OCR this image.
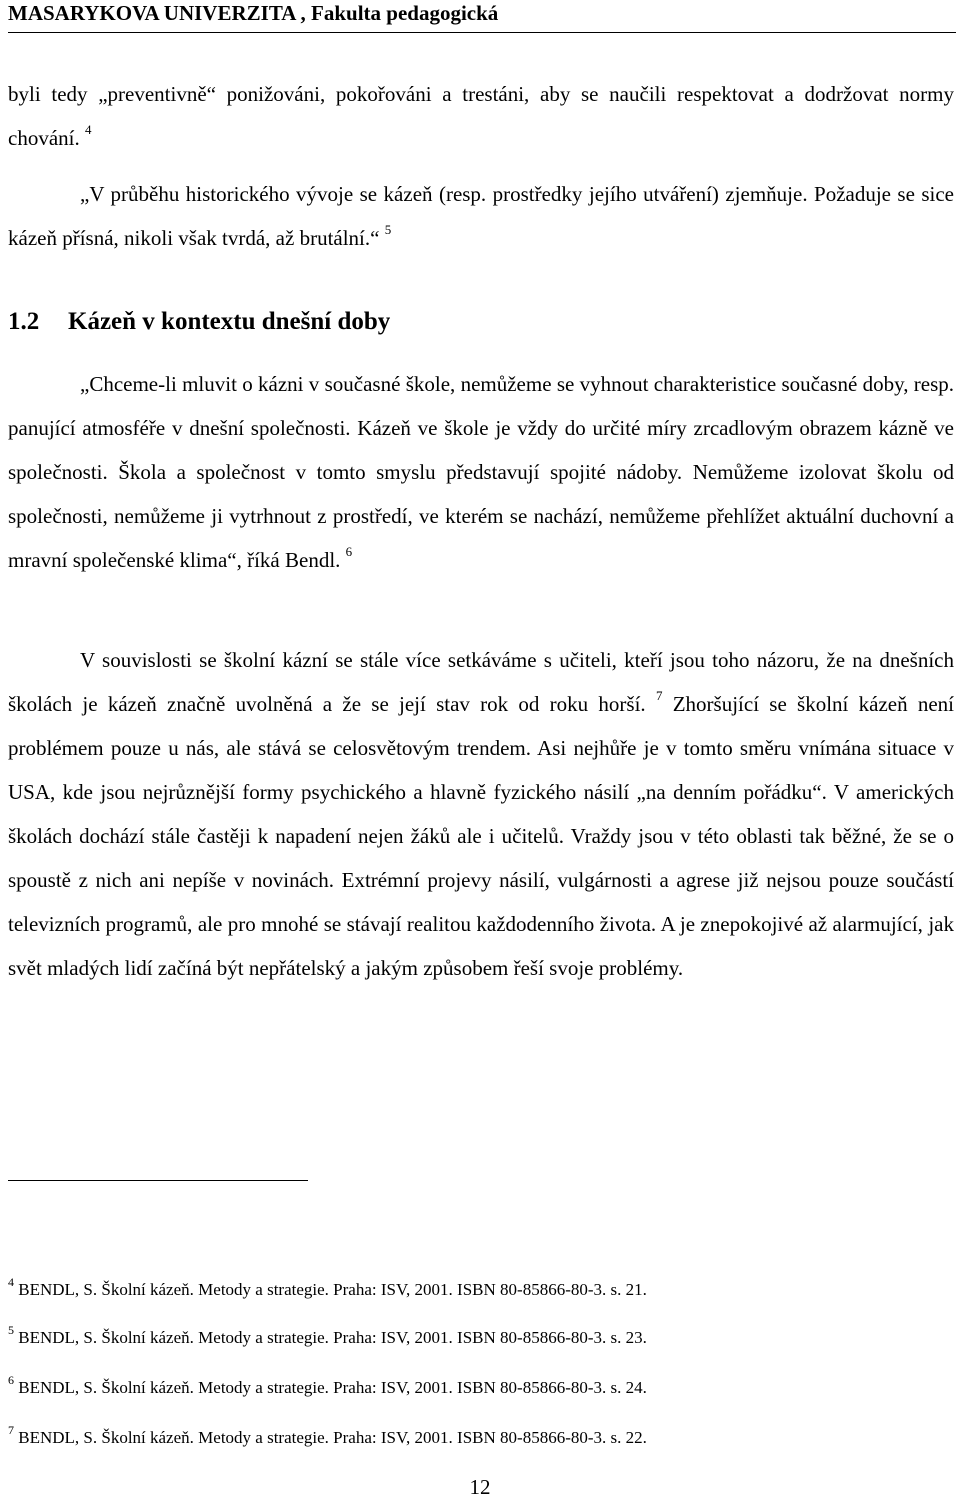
MASARYKOVA UNIVERZITA , Fakulta pedagogická
byli tedy „preventivně“ ponižováni, pokořováni a trestáni, aby se naučili respektovat a dodržovat normy chování. $^4$
„V průběhu historického vývoje se kázeň (resp. prostředky jejího utváření) zjemňuje. Požaduje se sice kázeň přísná, nikoli však tvrdá, až brutální.“ $^5$
1.2 Kázeň v kontextu dnešní doby
„Chceme-li mluvit o kázni v současné škole, nemůžeme se vyhnout charakteristice současné doby, resp. panující atmosféře v dnešní společnosti. Kázeň ve škole je vždy do určité míry zrcadlovým obrazem kázně ve společnosti. Škola a společnost v tomto smyslu představují spojité nádoby. Nemůžeme izolovat školu od společnosti, nemůžeme ji vytrhnout z prostředí, ve kterém se nachází, nemůžeme přehlížet aktuální duchovní a mravní společenské klima“, říká Bendl. $^6$
V souvislosti se školní kázní se stále více setkáváme s učiteli, kteří jsou toho názoru, že na dnešních školách je kázeň značně uvolněná a že se její stav rok od roku horší. $^7$ Zhoršující se školní kázeň není problémem pouze u nás, ale stává se celosvětovým trendem. Asi nejhůře je v tomto směru vnímána situace v USA, kde jsou nejrůznější formy psychického a hlavně fyzického násilí „na denním pořádku“. V amerických školách dochází stále častěji k napadení nejen žáků ale i učitelů. Vraždy jsou v této oblasti tak běžné, že se o spoustě z nich ani nepíše v novinách. Extrémní projevy násilí, vulgárnosti a agrese již nejsou pouze součástí televizních programů, ale pro mnohé se stávají realitou každodenního života. A je znepokojivé až alarmující, jak svět mladých lidí začíná být nepřátelský a jakým způsobem řeší svoje problémy.
$^4$ BENDL, S. Školní kázeň. Metody a strategie. Praha: ISV, 2001. ISBN 80-85866-80-3. s. 21.
$^5$ BENDL, S. Školní kázeň. Metody a strategie. Praha: ISV, 2001. ISBN 80-85866-80-3. s. 23.
$^6$ BENDL, S. Školní kázeň. Metody a strategie. Praha: ISV, 2001. ISBN 80-85866-80-3. s. 24.
$^7$ BENDL, S. Školní kázeň. Metody a strategie. Praha: ISV, 2001. ISBN 80-85866-80-3. s. 22.
12
